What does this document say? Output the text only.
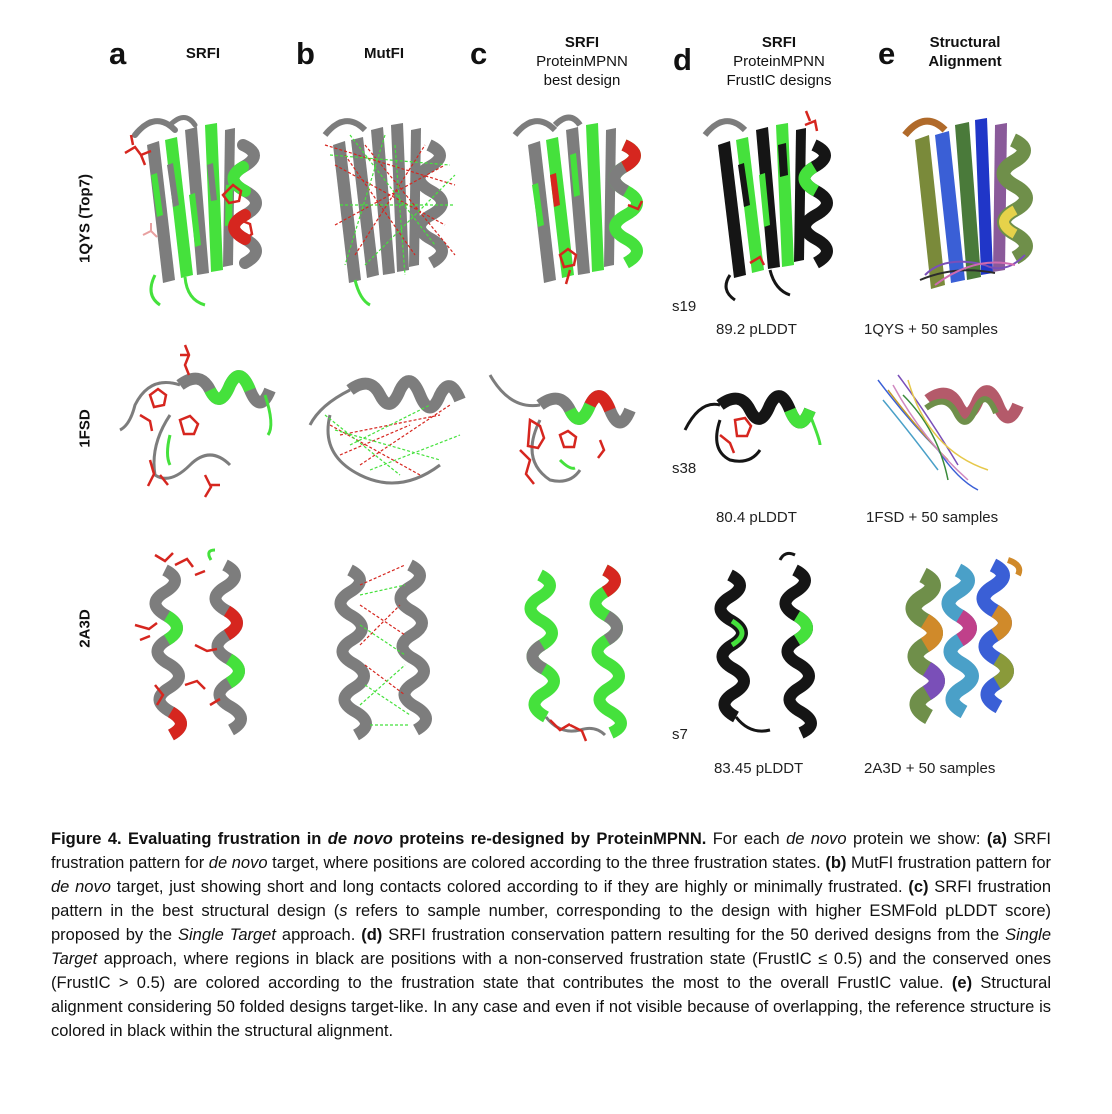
a	SRFI	b	MutFI	c	SRFI
ProteinMPNN
best design
d	SRFI
ProteinMPNN
FrustIC designs
e	Structural
Alignment
1QYS (Top7)
1FSD
2A3D
s19
89.2 pLDDT	1QYS + 50 samples
s38
80.4 pLDDT	1FSD + 50 samples
s7
83.45 pLDDT	2A3D + 50 samples
Figure 4. Evaluating frustration in de novo proteins re-designed by ProteinMPNN. For each de novo protein we show: (a) SRFI frustration pattern for de novo target, where positions are colored according to the three frustration states. (b) MutFI frustration pattern for de novo target, just showing short and long contacts colored according to if they are highly or minimally frustrated. (c) SRFI frustration pattern in the best structural design (s refers to sample number, corresponding to the design with higher ESMFold pLDDT score) proposed by the Single Target approach. (d) SRFI frustration conservation pattern resulting for the 50 derived designs from the Single Target approach, where regions in black are positions with a non-conserved frustration state (FrustIC ≤ 0.5) and the conserved ones (FrustIC > 0.5) are colored according to the frustration state that contributes the most to the overall FrustIC value. (e) Structural alignment considering 50 folded designs target-like. In any case and even if not visible because of overlapping, the reference structure is colored in black within the structural alignment.
